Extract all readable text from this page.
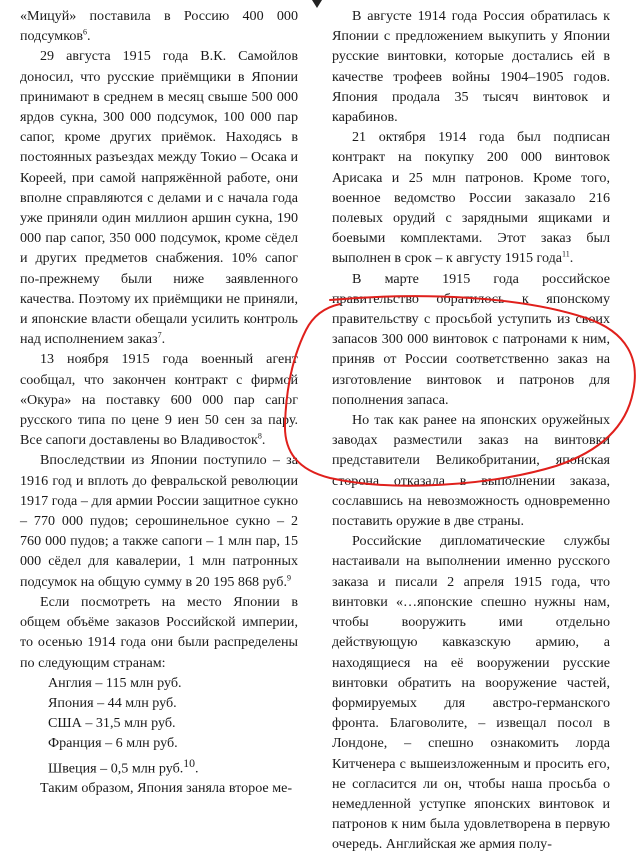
«Мицуй» поставила в Россию 400 000 подсумков$^6$.

29 августа 1915 года В.К. Самойлов доносил, что русские приёмщики в Японии принимают в среднем в месяц свыше 500 000 ярдов сукна, 300 000 подсумок, 100 000 пар сапог, кроме других приёмок. Находясь в постоянных разъездах между Токио – Осака и Кореей, при самой напряжённой работе, они вполне справляются с делами и с начала года уже приняли один миллион аршин сукна, 190 000 пар сапог, 350 000 подсумок, кроме сёдел и других предметов снабжения. 10% сапог по-прежнему были ниже заявленного качества. Поэтому их приёмщики не приняли, и японские власти обещали усилить контроль над исполнением заказ$^7$.

13 ноября 1915 года военный агент сообщал, что закончен контракт с фирмой «Окура» на поставку 600 000 пар сапог русского типа по цене 9 иен 50 сен за пару. Все сапоги доставлены во Владивосток$^8$.

Впоследствии из Японии поступило – за 1916 год и вплоть до февральской революции 1917 года – для армии России защитное сукно – 770 000 пудов; серошинельное сукно – 2 760 000 пудов; а также сапоги – 1 млн пар, 15 000 сёдел для кавалерии, 1 млн патронных подсумок на общую сумму в 20 195 868 руб.$^9$

Если посмотреть на место Японии в общем объёме заказов Российской империи, то осенью 1914 года они были распределены по следующим странам:

Англия – 115 млн руб.
Япония – 44 млн руб.
США – 31,5 млн руб.
Франция – 6 млн руб.
Швеция – 0,5 млн руб.$^{10}$.

Таким образом, Япония заняла второе ме-

В августе 1914 года Россия обратилась к Японии с предложением выкупить у Японии русские винтовки, которые достались ей в качестве трофеев войны 1904–1905 годов. Япония продала 35 тысяч винтовок и карабинов.

21 октября 1914 года был подписан контракт на покупку 200 000 винтовок Арисака и 25 млн патронов. Кроме того, военное ведомство России заказало 216 полевых орудий с зарядными ящиками и боевыми комплектами. Этот заказ был выполнен в срок – к августу 1915 года$^{11}$.

В марте 1915 года российское правительство обратилось к японскому правительству с просьбой уступить из своих запасов 300 000 винтовок с патронами к ним, приняв от России соответственно заказ на изготовление винтовок и патронов для пополнения запаса.

Но так как ранее на японских оружейных заводах разместили заказ на винтовки представители Великобритании, японская сторона отказала в выполнении заказа, сославшись на невозможность одновременно поставить оружие в две страны.

Российские дипломатические службы настаивали на выполнении именно русского заказа и писали 2 апреля 1915 года, что винтовки «…японские спешно нужны нам, чтобы вооружить ими отдельно действующую кавказскую армию, а находящиеся на её вооружении русские винтовки обратить на вооружение частей, формируемых для австро-германского фронта. Благоволите, – извещал посол в Лондоне, – спешно ознакомить лорда Китченера с вышеизложенным и просить его, не согласится ли он, чтобы наша просьба о немедленной уступке японских винтовок и патронов к ним была удовлетворена в первую очередь. Английская же армия полу-
